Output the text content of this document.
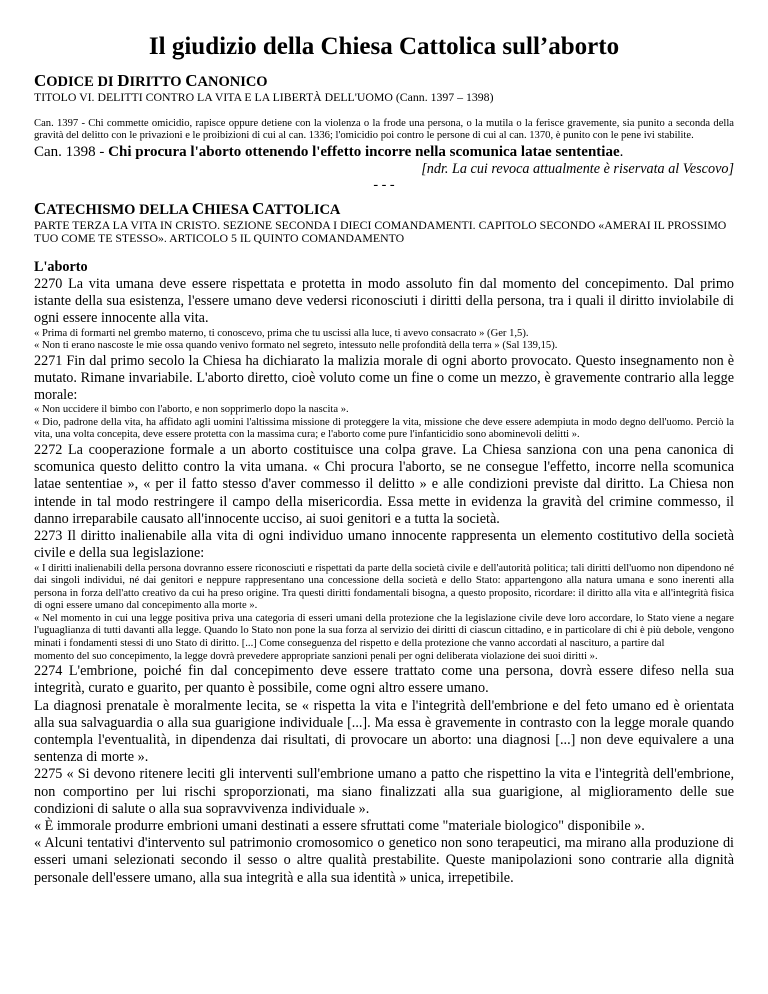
Il giudizio della Chiesa Cattolica sull’aborto
CODICE DI DIRITTO CANONICO

TITOLO VI. DELITTI CONTRO LA VITA E LA LIBERTÀ DELL'UOMO (Cann. 1397 – 1398)

Can. 1397 - Chi commette omicidio, rapisce oppure detiene con la violenza o la frode una persona, o la mutila o la ferisce gravemente, sia punito a seconda della gravità del delitto con le privazioni e le proibizioni di cui al can. 1336; l'omicidio poi contro le persone di cui al can. 1370, è punito con le pene ivi stabilite.

Can. 1398 - Chi procura l'aborto ottenendo l'effetto incorre nella scomunica latae sententiae.

[ndr. La cui revoca attualmente è riservata al Vescovo]

- - -

CATECHISMO DELLA CHIESA CATTOLICA

PARTE TERZA LA VITA IN CRISTO. SEZIONE SECONDA I DIECI COMANDAMENTI. CAPITOLO SECONDO «AMERAI IL PROSSIMO TUO COME TE STESSO». ARTICOLO 5 IL QUINTO COMANDAMENTO

L'aborto

2270 La vita umana deve essere rispettata e protetta in modo assoluto fin dal momento del concepimento. Dal primo istante della sua esistenza, l'essere umano deve vedersi riconosciuti i diritti della persona, tra i quali il diritto inviolabile di ogni essere innocente alla vita.

« Prima di formarti nel grembo materno, ti conoscevo, prima che tu uscissi alla luce, ti avevo consacrato » (Ger 1,5).

« Non ti erano nascoste le mie ossa quando venivo formato nel segreto, intessuto nelle profondità della terra » (Sal 139,15).

2271 Fin dal primo secolo la Chiesa ha dichiarato la malizia morale di ogni aborto provocato. Questo insegnamento non è mutato. Rimane invariabile. L'aborto diretto, cioè voluto come un fine o come un mezzo, è gravemente contrario alla legge morale:

« Non uccidere il bimbo con l'aborto, e non sopprimerlo dopo la nascita ».

« Dio, padrone della vita, ha affidato agli uomini l'altissima missione di proteggere la vita, missione che deve essere adempiuta in modo degno dell'uomo. Perciò la vita, una volta concepita, deve essere protetta con la massima cura; e l'aborto come pure l'infanticidio sono abominevoli delitti ».

2272 La cooperazione formale a un aborto costituisce una colpa grave. La Chiesa sanziona con una pena canonica di scomunica questo delitto contro la vita umana. « Chi procura l'aborto, se ne consegue l'effetto, incorre nella scomunica latae sententiae », « per il fatto stesso d'aver commesso il delitto » e alle condizioni previste dal diritto. La Chiesa non intende in tal modo restringere il campo della misericordia. Essa mette in evidenza la gravità del crimine commesso, il danno irreparabile causato all'innocente ucciso, ai suoi genitori e a tutta la società.

2273 Il diritto inalienabile alla vita di ogni individuo umano innocente rappresenta un elemento costitutivo della società civile e della sua legislazione:

« I diritti inalienabili della persona dovranno essere riconosciuti e rispettati da parte della società civile e dell'autorità politica; tali diritti dell'uomo non dipendono né dai singoli individui, né dai genitori e neppure rappresentano una concessione della società e dello Stato: appartengono alla natura umana e sono inerenti alla persona in forza dell'atto creativo da cui ha preso origine. Tra questi diritti fondamentali bisogna, a questo proposito, ricordare: il diritto alla vita e all'integrità fisica di ogni essere umano dal concepimento alla morte ».

« Nel momento in cui una legge positiva priva una categoria di esseri umani della protezione che la legislazione civile deve loro accordare, lo Stato viene a negare l'uguaglianza di tutti davanti alla legge. Quando lo Stato non pone la sua forza al servizio dei diritti di ciascun cittadino, e in particolare di chi è più debole, vengono minati i fondamenti stessi di uno Stato di diritto. [...] Come conseguenza del rispetto e della protezione che vanno accordati al nascituro, a partire dal

momento del suo concepimento, la legge dovrà prevedere appropriate sanzioni penali per ogni deliberata violazione dei suoi diritti ».

2274 L'embrione, poiché fin dal concepimento deve essere trattato come una persona, dovrà essere difeso nella sua integrità, curato e guarito, per quanto è possibile, come ogni altro essere umano.

La diagnosi prenatale è moralmente lecita, se « rispetta la vita e l'integrità dell'embrione e del feto umano ed è orientata alla sua salvaguardia o alla sua guarigione individuale [...]. Ma essa è gravemente in contrasto con la legge morale quando contempla l'eventualità, in dipendenza dai risultati, di provocare un aborto: una diagnosi [...] non deve equivalere a una sentenza di morte ».

2275 « Si devono ritenere leciti gli interventi sull'embrione umano a patto che rispettino la vita e l'integrità dell'embrione, non comportino per lui rischi sproporzionati, ma siano finalizzati alla sua guarigione, al miglioramento delle sue condizioni di salute o alla sua sopravvivenza individuale ».

« È immorale produrre embrioni umani destinati a essere sfruttati come "materiale biologico" disponibile ».

« Alcuni tentativi d'intervento sul patrimonio cromosomico o genetico non sono terapeutici, ma mirano alla produzione di esseri umani selezionati secondo il sesso o altre qualità prestabilite. Queste manipolazioni sono contrarie alla dignità personale dell'essere umano, alla sua integrità e alla sua identità » unica, irrepetibile.
